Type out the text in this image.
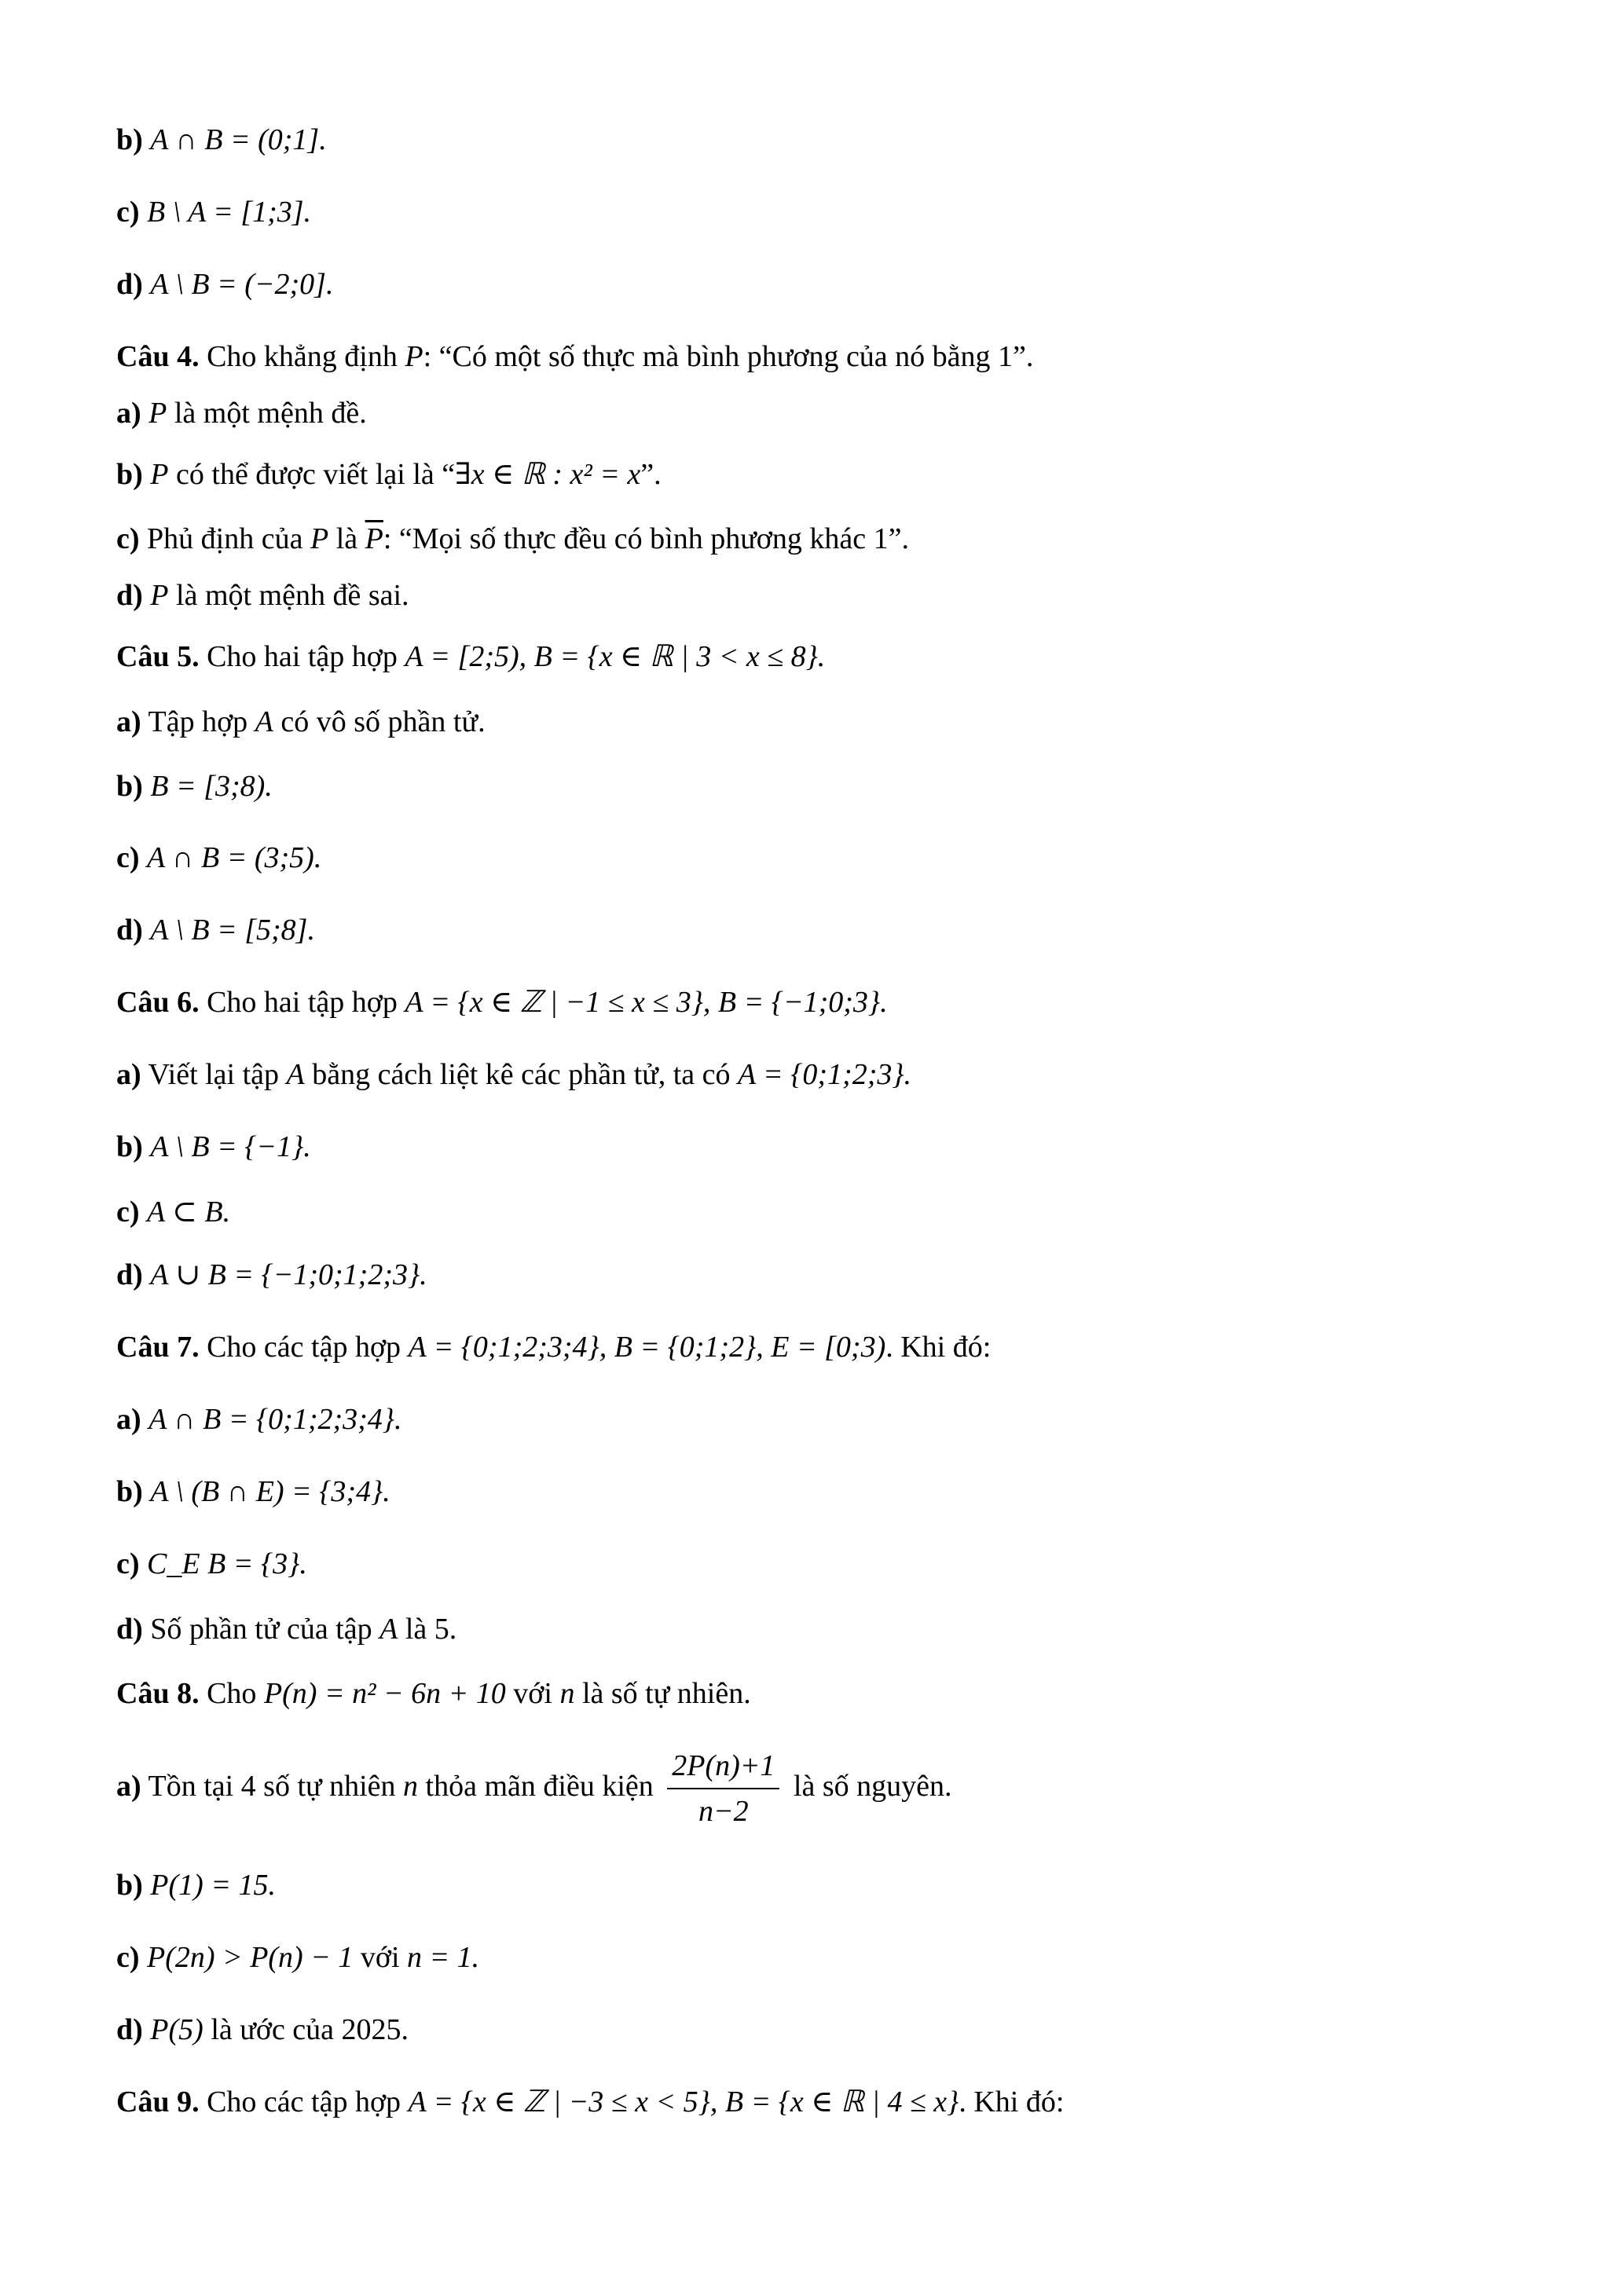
b) A ∩ B = (0;1].
c) B \ A = [1;3].
d) A \ B = (−2;0].
Câu 4. Cho khẳng định P: “Có một số thực mà bình phương của nó bằng 1”.
a) P là một mệnh đề.
b) P có thể được viết lại là “∃x ∈ ℝ : x² = x”.
c) Phủ định của P là $\overline{P}$: “Mọi số thực đều có bình phương khác 1”.
d) P là một mệnh đề sai.
Câu 5. Cho hai tập hợp A = [2;5), B = {x ∈ ℝ | 3 < x ≤ 8}.
a) Tập hợp A có vô số phần tử.
b) B = [3;8).
c) A ∩ B = (3;5).
d) A \ B = [5;8].
Câu 6. Cho hai tập hợp A = {x ∈ ℤ | −1 ≤ x ≤ 3}, B = {−1;0;3}.
a) Viết lại tập A bằng cách liệt kê các phần tử, ta có A = {0;1;2;3}.
b) A \ B = {−1}.
c) A ⊂ B.
d) A ∪ B = {−1;0;1;2;3}.
Câu 7. Cho các tập hợp A = {0;1;2;3;4}, B = {0;1;2}, E = [0;3). Khi đó:
a) A ∩ B = {0;1;2;3;4}.
b) A \ (B ∩ E) = {3;4}.
c) C_E B = {3}.
d) Số phần tử của tập A là 5.
Câu 8. Cho P(n) = n² − 6n + 10 với n là số tự nhiên.
a) Tồn tại 4 số tự nhiên n thỏa mãn điều kiện $\frac{2P(n)+1}{n-2}$ là số nguyên.
b) P(1) = 15.
c) P(2n) > P(n) − 1 với n = 1.
d) P(5) là ước của 2025.
Câu 9. Cho các tập hợp A = {x ∈ ℤ | −3 ≤ x < 5}, B = {x ∈ ℝ | 4 ≤ x}. Khi đó:
